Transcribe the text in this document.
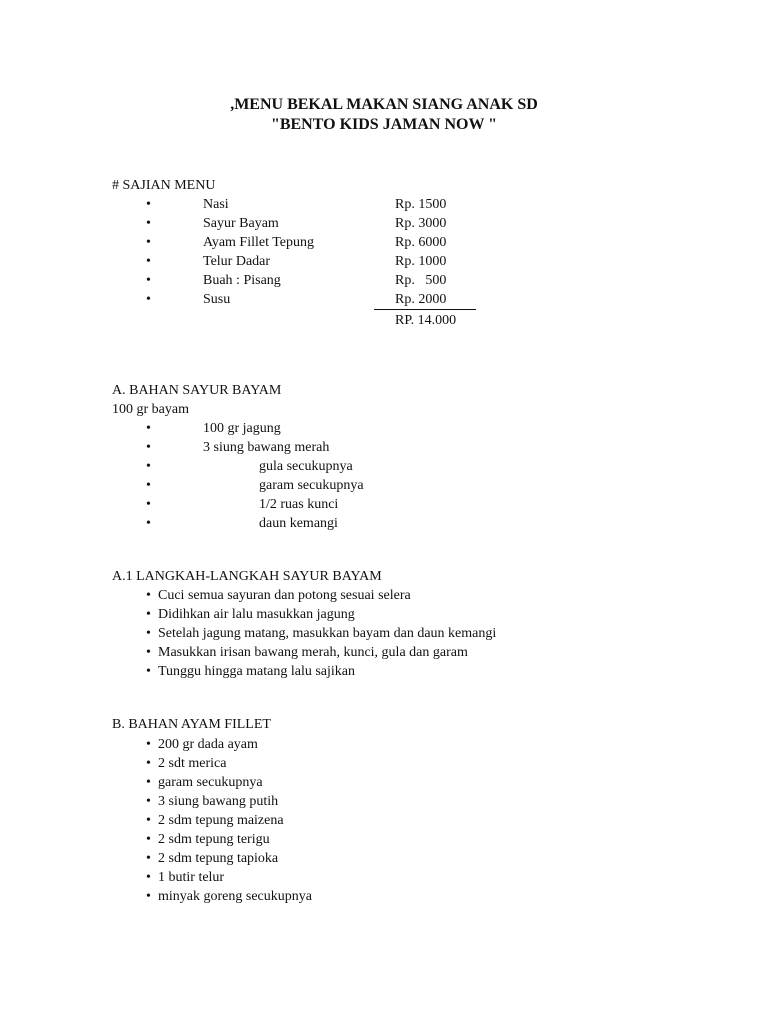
,MENU BEKAL MAKAN SIANG ANAK SD
"BENTO KIDS JAMAN NOW "
# SAJIAN MENU
•	Nasi	Rp. 1500
•	Sayur Bayam	Rp. 3000
•	Ayam Fillet Tepung	Rp. 6000
•	Telur Dadar	Rp. 1000
•	Buah : Pisang	Rp.   500
•	Susu	Rp. 2000
RP. 14.000
A. BAHAN SAYUR BAYAM
100 gr bayam
•	100 gr jagung
•	3 siung bawang merah
•	gula secukupnya
•	garam secukupnya
•	1/2 ruas kunci
•	daun kemangi
A.1 LANGKAH-LANGKAH SAYUR BAYAM
• Cuci semua sayuran dan potong sesuai selera
• Didihkan air lalu masukkan jagung
• Setelah jagung matang, masukkan bayam dan daun kemangi
• Masukkan irisan bawang merah, kunci, gula dan garam
• Tunggu hingga matang lalu sajikan
B. BAHAN AYAM FILLET
• 200 gr dada ayam
• 2 sdt merica
• garam secukupnya
• 3 siung bawang putih
• 2 sdm tepung maizena
• 2 sdm tepung terigu
• 2 sdm tepung tapioka
• 1 butir telur
• minyak goreng secukupnya
